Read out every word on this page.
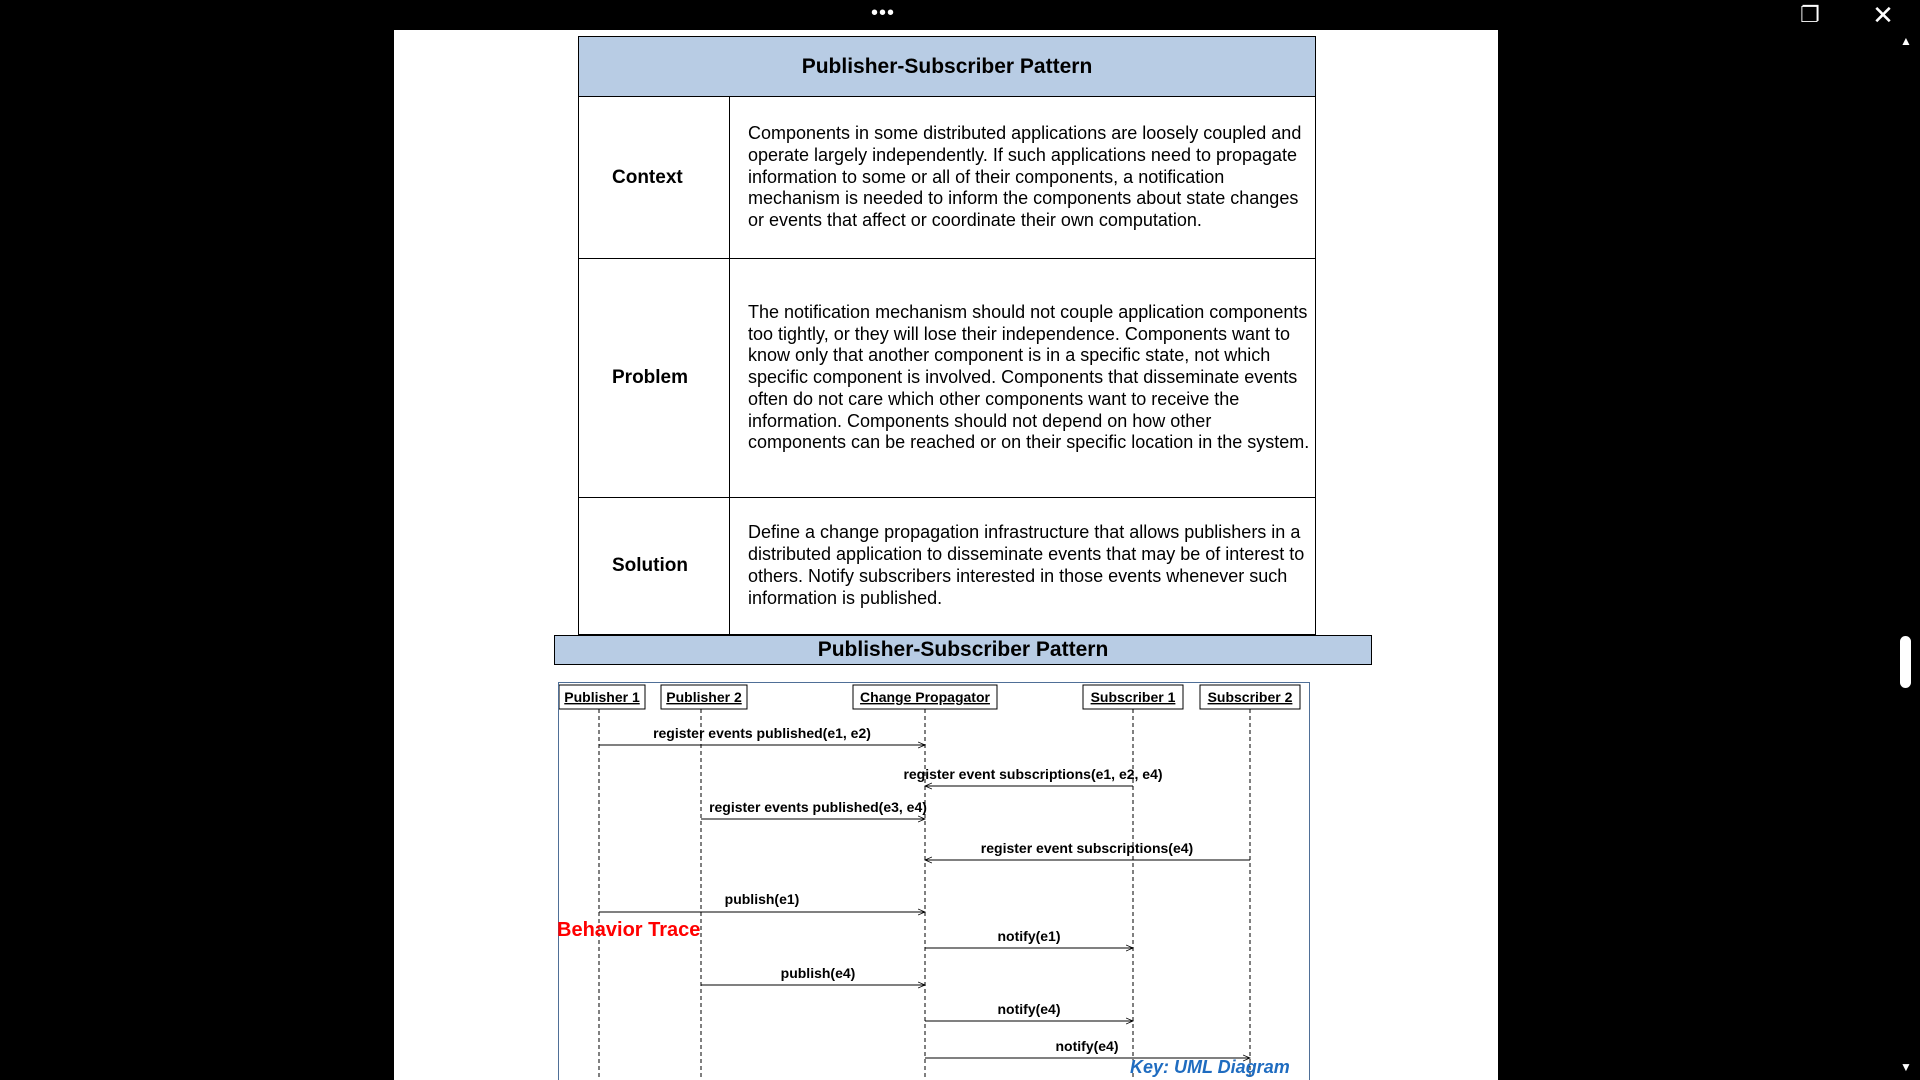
•••	❐ ✕
Publisher-Subscriber Pattern
Context
Components in some distributed applications are loosely coupled and operate largely independently. If such applications need to propagate information to some or all of their components, a notification mechanism is needed to inform the components about state changes or events that affect or coordinate their own computation.
Problem
The notification mechanism should not couple application components too tightly, or they will lose their independence. Components want to know only that another component is in a specific state, not which specific component is involved. Components that disseminate events often do not care which other components want to receive the information. Components should not depend on how other components can be reached or on their specific location in the system.
Solution
Define a change propagation infrastructure that allows publishers in a distributed application to disseminate events that may be of interest to others. Notify subscribers interested in those events whenever such information is published.
Publisher-Subscriber Pattern
Publisher 1 Publisher 2	Change Propagator	Subscriber 1 Subscriber 2
register events published(e1, e2)
register event subscriptions(e1, e2, e4)
register events published(e3, e4)
register event subscriptions(e4)
publish(e1)
notify(e1)
publish(e4)
notify(e4)
notify(e4)
Behavior Trace
Key: UML Diagram
▲
▼
